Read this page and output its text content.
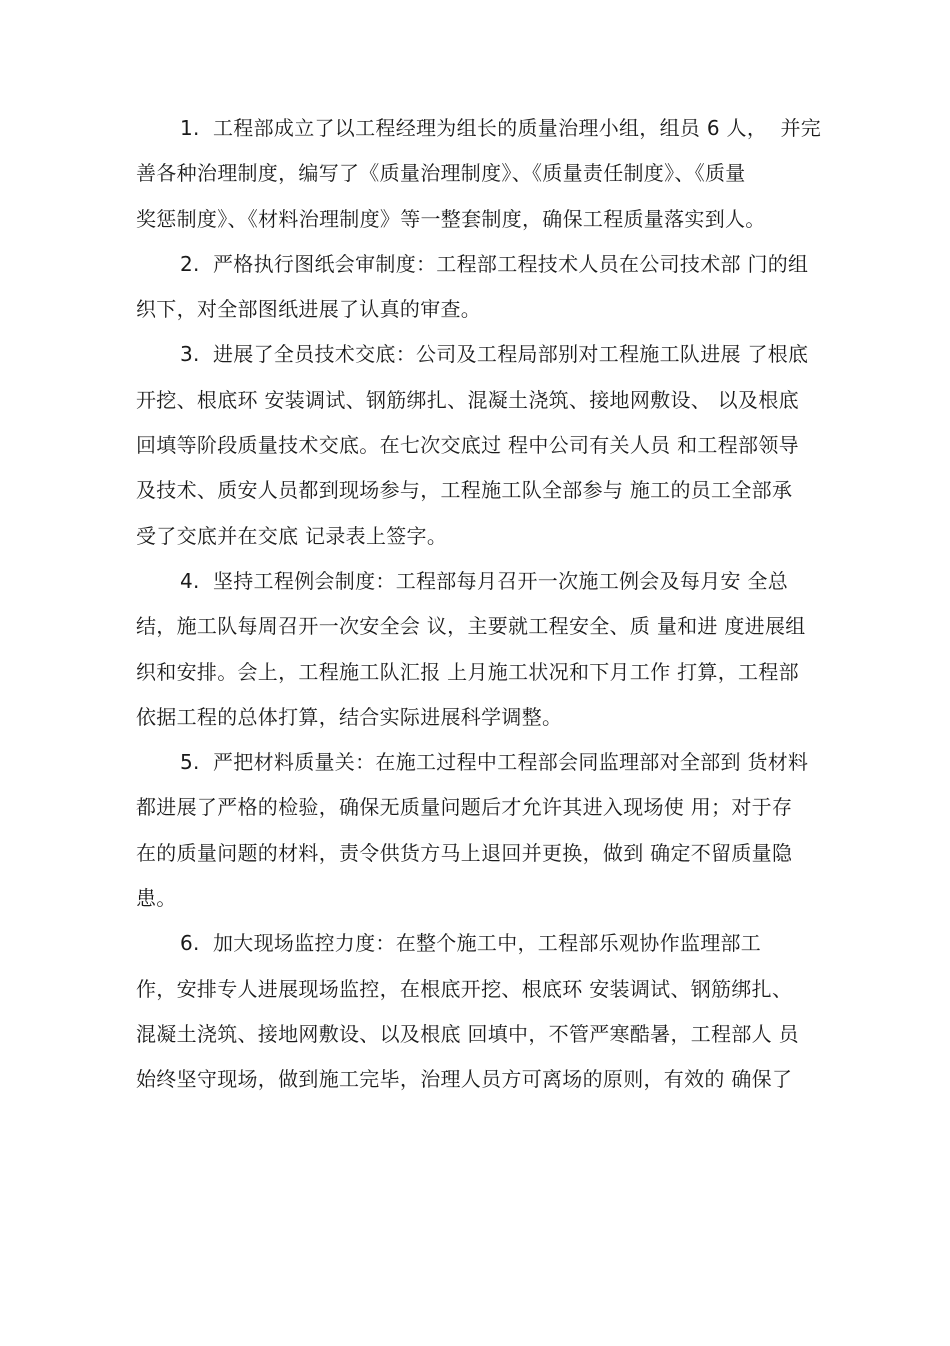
1.  工程部成立了以工程经理为组长的质量治理小组，组员 6 人，  并完
善各种治理制度，编写了《质量治理制度》、《质量责任制度》、《质量
奖惩制度》、《材料治理制度》等一整套制度，确保工程质量落实到人。
2.  严格执行图纸会审制度：工程部工程技术人员在公司技术部 门的组
织下，对全部图纸进展了认真的审查。
3.  进展了全员技术交底：公司及工程局部别对工程施工队进展 了根底
开挖、根底环 安装调试、钢筋绑扎、混凝土浇筑、接地网敷设、 以及根底
回填等阶段质量技术交底。在七次交底过 程中公司有关人员 和工程部领导
及技术、质安人员都到现场参与，工程施工队全部参与 施工的员工全部承
受了交底并在交底 记录表上签字。
4.  坚持工程例会制度：工程部每月召开一次施工例会及每月安 全总
结，施工队每周召开一次安全会 议，主要就工程安全、质 量和进 度进展组
织和安排。会上，工程施工队汇报 上月施工状况和下月工作 打算，工程部
依据工程的总体打算，结合实际进展科学调整。
5.  严把材料质量关：在施工过程中工程部会同监理部对全部到 货材料
都进展了严格的检验，确保无质量问题后才允许其进入现场使 用；对于存
在的质量问题的材料，责令供货方马上退回并更换，做到 确定不留质量隐
患。
6.  加大现场监控力度：在整个施工中，工程部乐观协作监理部工
作，安排专人进展现场监控，在根底开挖、根底环 安装调试、钢筋绑扎、
混凝土浇筑、接地网敷设、以及根底 回填中，不管严寒酷暑，工程部人 员
始终坚守现场，做到施工完毕，治理人员方可离场的原则，有效的 确保了
